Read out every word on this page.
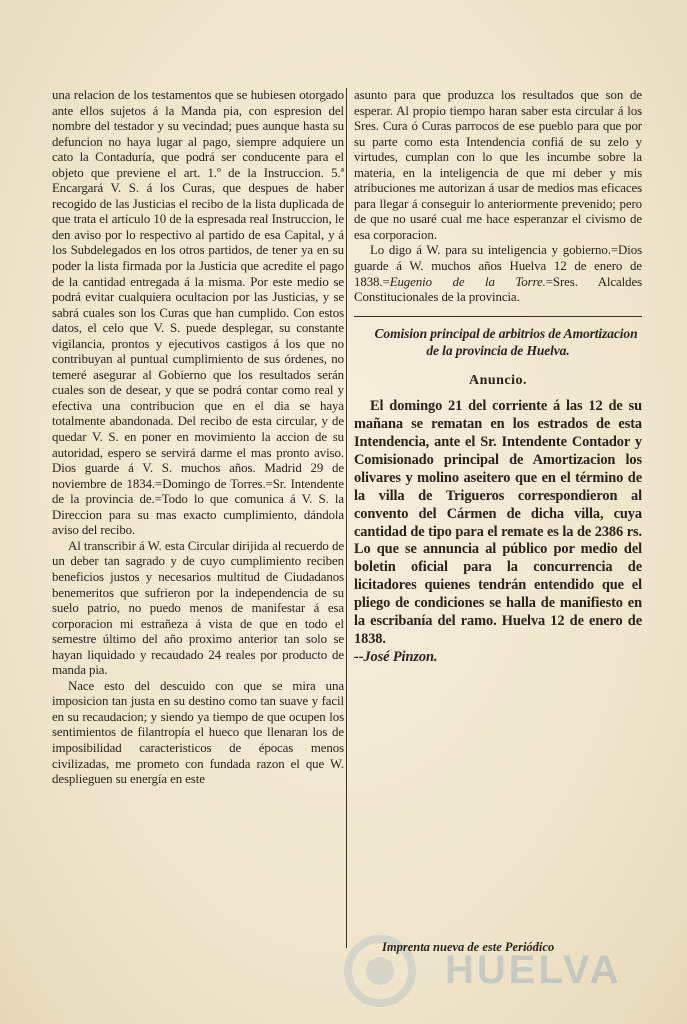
una relacion de los testamentos que se hubiesen otorgado ante ellos sujetos á la Manda pia, con espresion del nombre del testador y su vecindad; pues aunque hasta su defuncion no haya lugar al pago, siempre adquiere un cato la Contaduría, que podrá ser conducente para el objeto que previene el art. 1.º de la Instruccion. 5.ª Encargará V. S. á los Curas, que despues de haber recogido de las Justicias el recibo de la lista duplicada de que trata el artículo 10 de la espresada real Instruccion, le den aviso por lo respectivo al partido de esa Capital, y á los Subdelegados en los otros partidos, de tener ya en su poder la lista firmada por la Justicia que acredite el pago de la cantidad entregada á la misma. Por este medio se podrá evitar cualquiera ocultacion por las Justicias, y se sabrá cuales son los Curas que han cumplido. Con estos datos, el celo que V. S. puede desplegar, su constante vigilancia, prontos y ejecutivos castigos á los que no contribuyan al puntual cumplimiento de sus órdenes, no temeré asegurar al Gobierno que los resultados serán cuales son de desear, y que se podrá contar como real y efectiva una contribucion que en el dia se haya totalmente abandonada. Del recibo de esta circular, y de quedar V. S. en poner en movimiento la accion de su autoridad, espero se servirá darme el mas pronto aviso. Dios guarde á V. S. muchos años. Madrid 29 de noviembre de 1834.=Domingo de Torres.=Sr. Intendente de la provincia de.=Todo lo que comunica á V. S. la Direccion para su mas exacto cumplimiento, dándola aviso del recibo.

Al transcribir á W. esta Circular dirijida al recuerdo de un deber tan sagrado y de cuyo cumplimiento reciben beneficios justos y necesarios multitud de Ciudadanos benemeritos que sufrieron por la independencia de su suelo patrio, no puedo menos de manifestar á esa corporacion mi estrañeza á vista de que en todo el semestre último del año proximo anterior tan solo se hayan liquidado y recaudado 24 reales por producto de manda pia.

Nace esto del descuido con que se mira una imposicion tan justa en su destino como tan suave y facil en su recaudacion; y siendo ya tiempo de que ocupen los sentimientos de filantropía el hueco que llenaran los de imposibilidad caracteristicos de épocas menos civilizadas, me prometo con fundada razon el que W. desplieguen su energía en este

asunto para que produzca los resultados que son de esperar. Al propio tiempo haran saber esta circular á los Sres. Cura ó Curas parrocos de ese pueblo para que por su parte como esta Intendencia confiá de su zelo y virtudes, cumplan con lo que les incumbe sobre la materia, en la inteligencia de que mi deber y mis atribuciones me autorizan á usar de medios mas eficaces para llegar á conseguir lo anteriormente prevenido; pero de que no usaré cual me hace esperanzar el civismo de esa corporacion.

Lo digo á W. para su inteligencia y gobierno.=Dios guarde á W. muchos años Huelva 12 de enero de 1838.=Eugenio de la Torre.=Sres. Alcaldes Constitucionales de la provincia.

Comision principal de arbitrios de Amortizacion de la provincia de Huelva.

Anuncio.

El domingo 21 del corriente á las 12 de su mañana se rematan en los estrados de esta Intendencia, ante el Sr. Intendente Contador y Comisionado principal de Amortizacion los olivares y molino aseitero que en el término de la villa de Trigueros correspondieron al convento del Cármen de dicha villa, cuya cantidad de tipo para el remate es la de 2386 rs. Lo que se annuncia al público por medio del boletin oficial para la concurrencia de licitadores quienes tendrán entendido que el pliego de condiciones se halla de manifiesto en la escribanía del ramo. Huelva 12 de enero de 1838.
--José Pinzon.

HUELVA
Imprenta nueva de este Periódico
